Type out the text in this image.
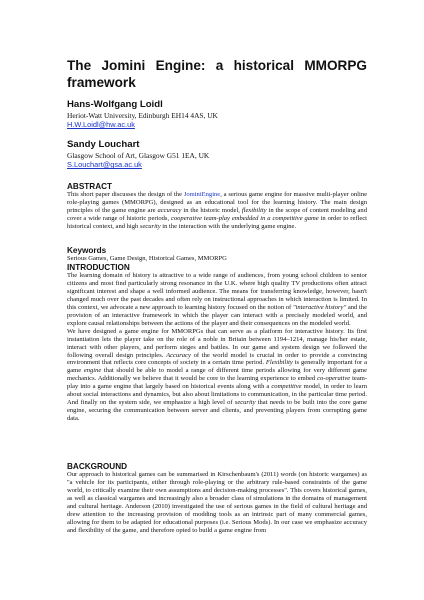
The Jomini Engine: a historical MMORPG framework
Hans-Wolfgang Loidl
Heriot-Watt University, Edinburgh EH14 4AS, UK
H.W.Loidl@hw.ac.uk
Sandy Louchart
Glasgow School of Art, Glasgow G51 1EA, UK
S.Louchart@gsa.ac.uk
ABSTRACT

This short paper discusses the design of the JominiEngine, a serious game engine for massive multi-player online role-playing games (MMORPG), designed as an educational tool for the learning history. The main design principles of the game engine are accuracy in the historic model, flexibility in the scope of content modeling and cover a wide range of historic periods, cooperative team-play embedded in a competitive game in order to reflect historical context, and high security in the interaction with the underlying game engine.

Keywords
Serious Games, Game Design, Historical Games, MMORPG
INTRODUCTION

The learning domain of history is attractive to a wide range of audiences, from young school children to senior citizens and most find particularly strong resonance in the U.K. where high quality TV productions often attract significant interest and shape a well informed audience. The means for transferring knowledge, however, hasn't changed much over the past decades and often rely on instructional approaches in which interaction is limited. In this context, we advocate a new approach to learning history focused on the notion of "interactive history" and the provision of an interactive framework in which the player can interact with a precisely modeled world, and explore causal relationships between the actions of the player and their consequences on the modeled world.

We have designed a game engine for MMORPGs that can serve as a platform for interactive history. Its first instantiation lets the player take on the role of a noble in Britain between 1194–1214, manage his/her estate, interact with other players, and perform sieges and battles. In our game and system design we followed the following overall design principles. Accuracy of the world model is crucial in order to provide a convincing environment that reflects core concepts of society in a certain time period. Flexibility is generally important for a game engine that should be able to model a range of different time periods allowing for very different game mechanics. Additionally we believe that it would be core to the learning experience to embed co-operative team-play into a game engine that largely based on historical events along with a competitive model, in order to learn about social interactions and dynamics, but also about limitations to communication, in the particular time period. And finally on the system side, we emphasize a high level of security that needs to be built into the core game engine, securing the communication between server and clients, and preventing players from corrupting game data.

BACKGROUND

Our approach to historical games can be summarised in Kirschenbaum's (2011) words (on historic wargames) as "a vehicle for its participants, either through role-playing or the arbitrary rule-based constraints of the game world, to critically examine their own assumptions and decision-making processes". This covers historical games, as well as classical wargames and increasingly also a broader class of simulations in the domains of management and cultural heritage. Anderson (2010) investigated the use of serious games in the field of cultural heritage and drew attention to the increasing provision of modding tools as an intrinsic part of many commercial games, allowing for them to be adapted for educational purposes (i.e. Serious Mods). In our case we emphasize accuracy and flexibility of the game, and therefore opted to build a game engine from
